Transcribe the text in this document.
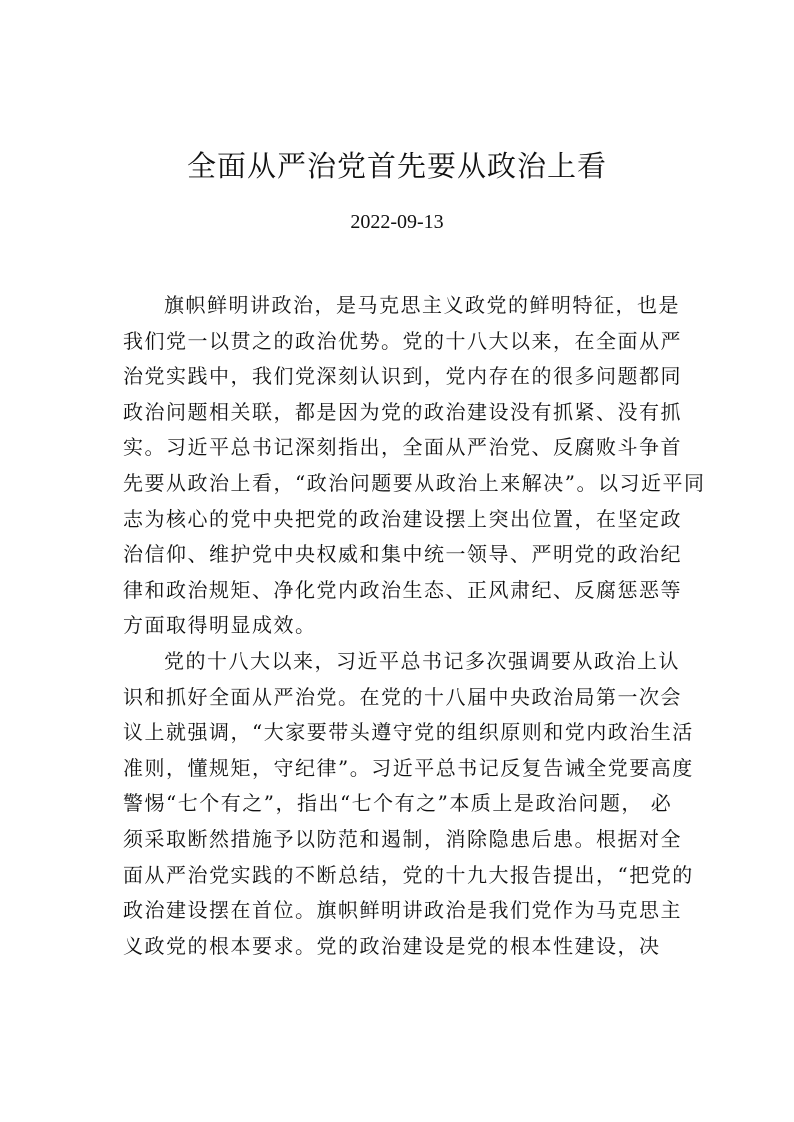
全面从严治党首先要从政治上看
2022-09-13
旗帜鲜明讲政治，是马克思主义政党的鲜明特征，也是
我们党一以贯之的政治优势。党的十八大以来，在全面从严
治党实践中，我们党深刻认识到，党内存在的很多问题都同
政治问题相关联，都是因为党的政治建设没有抓紧、没有抓
实。习近平总书记深刻指出，全面从严治党、反腐败斗争首
先要从政治上看，“政治问题要从政治上来解决”。以习近平同
志为核心的党中央把党的政治建设摆上突出位置，在坚定政
治信仰、维护党中央权威和集中统一领导、严明党的政治纪
律和政治规矩、净化党内政治生态、正风肃纪、反腐惩恶等
方面取得明显成效。
党的十八大以来，习近平总书记多次强调要从政治上认
识和抓好全面从严治党。在党的十八届中央政治局第一次会
议上就强调，“大家要带头遵守党的组织原则和党内政治生活
准则，懂规矩，守纪律”。习近平总书记反复告诫全党要高度
警惕“七个有之”，指出“七个有之”本质上是政治问题， 必
须采取断然措施予以防范和遏制，消除隐患后患。根据对全
面从严治党实践的不断总结，党的十九大报告提出，“把党的
政治建设摆在首位。旗帜鲜明讲政治是我们党作为马克思主
义政党的根本要求。党的政治建设是党的根本性建设，决
